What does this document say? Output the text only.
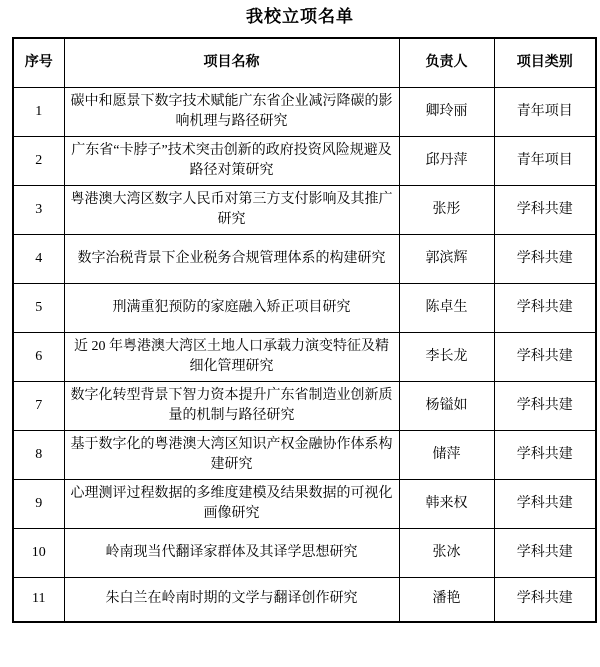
我校立项名单
序号	项目名称	负责人	项目类别
1	碳中和愿景下数字技术赋能广东省企业减污降碳的影响机理与路径研究	卿玲丽	青年项目
2	广东省“卡脖子”技术突击创新的政府投资风险规避及路径对策研究	邱丹萍	青年项目
3	粤港澳大湾区数字人民币对第三方支付影响及其推广研究	张彤	学科共建
4	数字治税背景下企业税务合规管理体系的构建研究	郭滨辉	学科共建
5	刑满重犯预防的家庭融入矫正项目研究	陈卓生	学科共建
6	近 20 年粤港澳大湾区土地人口承载力演变特征及精细化管理研究	李长龙	学科共建
7	数字化转型背景下智力资本提升广东省制造业创新质量的机制与路径研究	杨镒如	学科共建
8	基于数字化的粤港澳大湾区知识产权金融协作体系构建研究	储萍	学科共建
9	心理测评过程数据的多维度建模及结果数据的可视化画像研究	韩来权	学科共建
10	岭南现当代翻译家群体及其译学思想研究	张冰	学科共建
11	朱白兰在岭南时期的文学与翻译创作研究	潘艳	学科共建
